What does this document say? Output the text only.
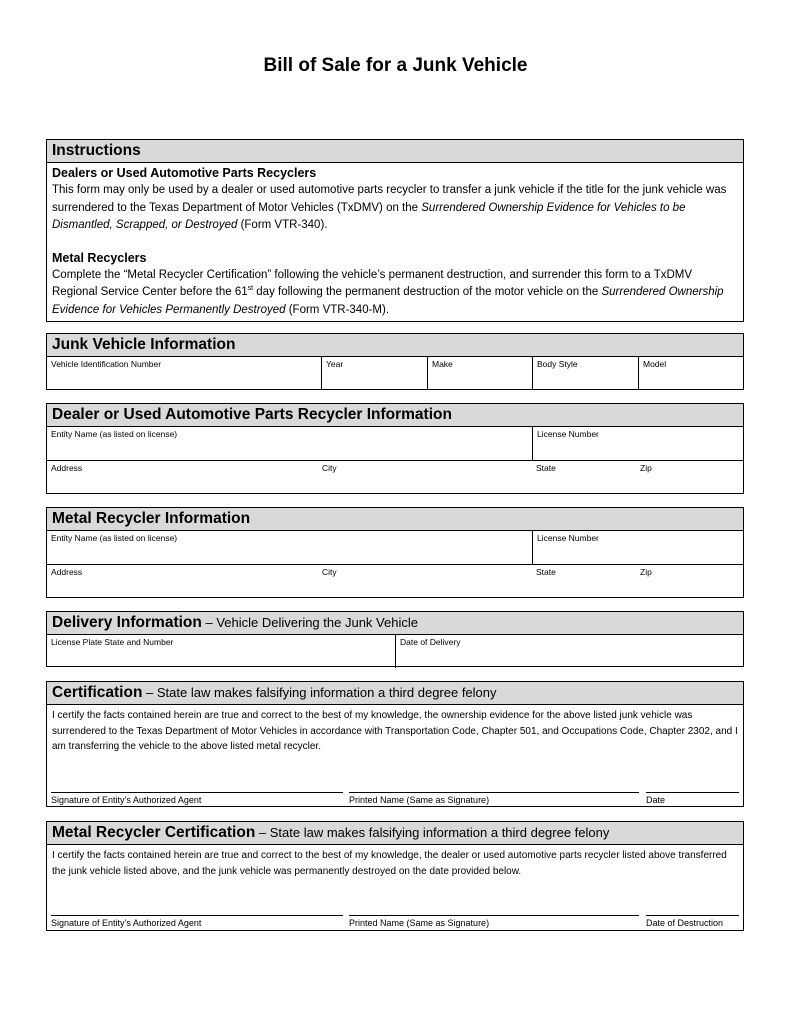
Bill of Sale for a Junk Vehicle
Instructions
Dealers or Used Automotive Parts Recyclers

This form may only be used by a dealer or used automotive parts recycler to transfer a junk vehicle if the title for the junk vehicle was surrendered to the Texas Department of Motor Vehicles (TxDMV) on the Surrendered Ownership Evidence for Vehicles to be Dismantled, Scrapped, or Destroyed (Form VTR-340).

Metal Recyclers

Complete the “Metal Recycler Certification” following the vehicle’s permanent destruction, and surrender this form to a TxDMV Regional Service Center before the 61st day following the permanent destruction of the motor vehicle on the Surrendered Ownership Evidence for Vehicles Permanently Destroyed (Form VTR-340-M).

Junk Vehicle Information
Vehicle Identification Number	Year	Make	Body Style	Model
Dealer or Used Automotive Parts Recycler Information
Entity Name (as listed on license)	License Number
Address	City	State	Zip
Metal Recycler Information
Entity Name (as listed on license)	License Number
Address	City	State	Zip
Delivery Information – Vehicle Delivering the Junk Vehicle
License Plate State and Number	Date of Delivery
Certification – State law makes falsifying information a third degree felony
I certify the facts contained herein are true and correct to the best of my knowledge, the ownership evidence for the above listed junk vehicle was surrendered to the Texas Department of Motor Vehicles in accordance with Transportation Code, Chapter 501, and Occupations Code, Chapter 2302, and I am transferring the vehicle to the above listed metal recycler.
Signature of Entity’s Authorized Agent	Printed Name (Same as Signature)	Date
Metal Recycler Certification – State law makes falsifying information a third degree felony
I certify the facts contained herein are true and correct to the best of my knowledge, the dealer or used automotive parts recycler listed above transferred the junk vehicle listed above, and the junk vehicle was permanently destroyed on the date provided below.
Signature of Entity’s Authorized Agent	Printed Name (Same as Signature)	Date of Destruction
